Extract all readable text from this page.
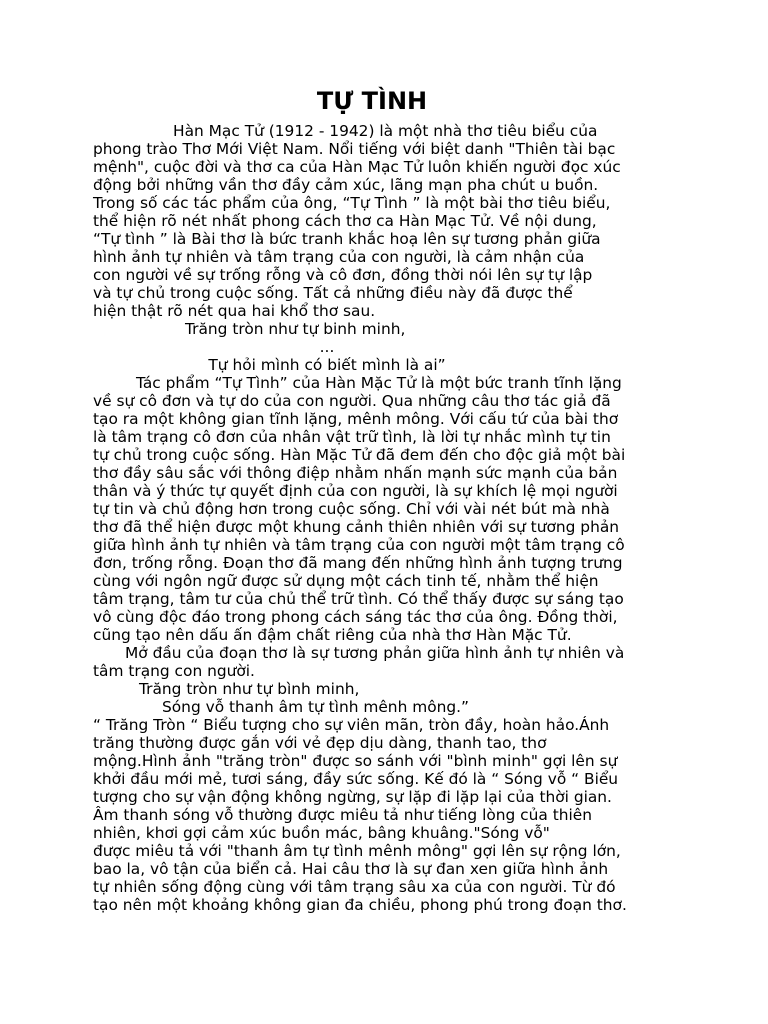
TỰ TÌNH

Hàn Mạc Tử (1912 - 1942) là một nhà thơ tiêu biểu của

phong trào Thơ Mới Việt Nam. Nổi tiếng với biệt danh "Thiên tài bạc

mệnh", cuộc đời và thơ ca của Hàn Mạc Tử luôn khiến người đọc xúc

động bởi những vần thơ đầy cảm xúc, lãng mạn pha chút u buồn.

Trong số các tác phẩm của ông, “Tự Tình ” là một bài thơ tiêu biểu,

thể hiện rõ nét nhất phong cách thơ ca Hàn Mạc Tử. Về nội dung,

“Tự tình ” là Bài thơ là bức tranh khắc hoạ lên sự tương phản giữa

hình ảnh tự nhiên và tâm trạng của con người, là cảm nhận của

con người về sự trống rỗng và cô đơn, đồng thời nói lên sự tự lập

và tự chủ trong cuộc sống. Tất cả những điều này đã được thể

hiện thật rõ nét qua hai khổ thơ sau.

Trăng tròn như tự binh minh,

...

Tự hỏi mình có biết mình là ai”

Tác phẩm “Tự Tình” của Hàn Mặc Tử là một bức tranh tĩnh lặng

về sự cô đơn và tự do của con người. Qua những câu thơ tác giả đã

tạo ra một không gian tĩnh lặng, mênh mông. Với cấu tứ của bài thơ

là tâm trạng cô đơn của nhân vật trữ tình, là lời tự nhắc mình tự tin

tự chủ trong cuộc sống. Hàn Mặc Tử đã đem đến cho độc giả một bài

thơ đầy sâu sắc với thông điệp nhằm nhấn mạnh sức mạnh của bản

thân và ý thức tự quyết định của con người, là sự khích lệ mọi người

tự tin và chủ động hơn trong cuộc sống. Chỉ với vài nét bút mà nhà

thơ đã thể hiện được một khung cảnh thiên nhiên với sự tương phản

giữa hình ảnh tự nhiên và tâm trạng của con người một tâm trạng cô

đơn, trống rỗng. Đoạn thơ đã mang đến những hình ảnh tượng trưng

cùng với ngôn ngữ được sử dụng một cách tinh tế, nhằm thể hiện

tâm trạng, tâm tư của chủ thể trữ tình. Có thể thấy được sự sáng tạo

vô cùng độc đáo trong phong cách sáng tác thơ của ông. Đồng thời,

cũng tạo nên dấu ấn đậm chất riêng của nhà thơ Hàn Mặc Tử.

Mở đầu của đoạn thơ là sự tương phản giữa hình ảnh tự nhiên và

tâm trạng con người.

Trăng tròn như tự bình minh,

Sóng vỗ thanh âm tự tình mênh mông.”

“ Trăng Tròn “ Biểu tượng cho sự viên mãn, tròn đầy, hoàn hảo.Ánh

trăng thường được gắn với vẻ đẹp dịu dàng, thanh tao, thơ

mộng.Hình ảnh "trăng tròn" được so sánh với "bình minh" gợi lên sự

khởi đầu mới mẻ, tươi sáng, đầy sức sống. Kế đó là “ Sóng vỗ “ Biểu

tượng cho sự vận động không ngừng, sự lặp đi lặp lại của thời gian.

Âm thanh sóng vỗ thường được miêu tả như tiếng lòng của thiên

nhiên, khơi gợi cảm xúc buồn mác, bâng khuâng."Sóng vỗ"

được miêu tả với "thanh âm tự tình mênh mông" gợi lên sự rộng lớn,

bao la, vô tận của biển cả. Hai câu thơ là sự đan xen giữa hình ảnh

tự nhiên sống động cùng với tâm trạng sâu xa của con người. Từ đó

tạo nên một khoảng không gian đa chiều, phong phú trong đoạn thơ.
